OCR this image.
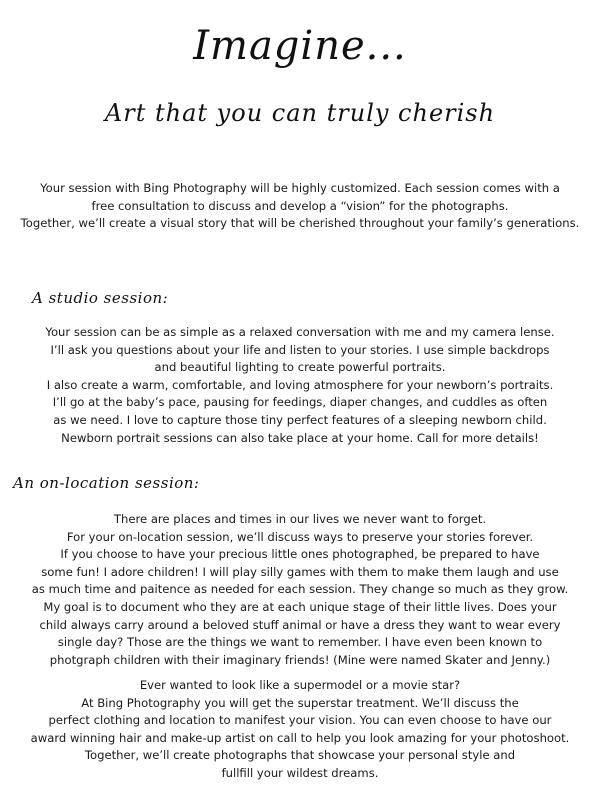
Imagine...
Art that you can truly cherish

Your session with Bing Photography will be highly customized. Each session comes with a
free consultation to discuss and develop a “vision” for the photographs.
Together, we’ll create a visual story that will be cherished throughout your family’s generations.

A studio session:

Your session can be as simple as a relaxed conversation with me and my camera lense.
I’ll ask you questions about your life and listen to your stories. I use simple backdrops
and beautiful lighting to create powerful portraits.
I also create a warm, comfortable, and loving atmosphere for your newborn’s portraits.
I’ll go at the baby’s pace, pausing for feedings, diaper changes, and cuddles as often
as we need. I love to capture those tiny perfect features of a sleeping newborn child.
Newborn portrait sessions can also take place at your home. Call for more details!

An on-location session:

There are places and times in our lives we never want to forget.
For your on-location session, we’ll discuss ways to preserve your stories forever.
If you choose to have your precious little ones photographed, be prepared to have
some fun! I adore children! I will play silly games with them to make them laugh and use
as much time and paitence as needed for each session. They change so much as they grow.
My goal is to document who they are at each unique stage of their little lives. Does your
child always carry around a beloved stuff animal or have a dress they want to wear every
single day? Those are the things we want to remember. I have even been known to
photgraph children with their imaginary friends! (Mine were named Skater and Jenny.)

Ever wanted to look like a supermodel or a movie star?
At Bing Photography you will get the superstar treatment. We’ll discuss the
perfect clothing and location to manifest your vision. You can even choose to have our
award winning hair and make-up artist on call to help you look amazing for your photoshoot.
Together, we’ll create photographs that showcase your personal style and
fullfill your wildest dreams.
